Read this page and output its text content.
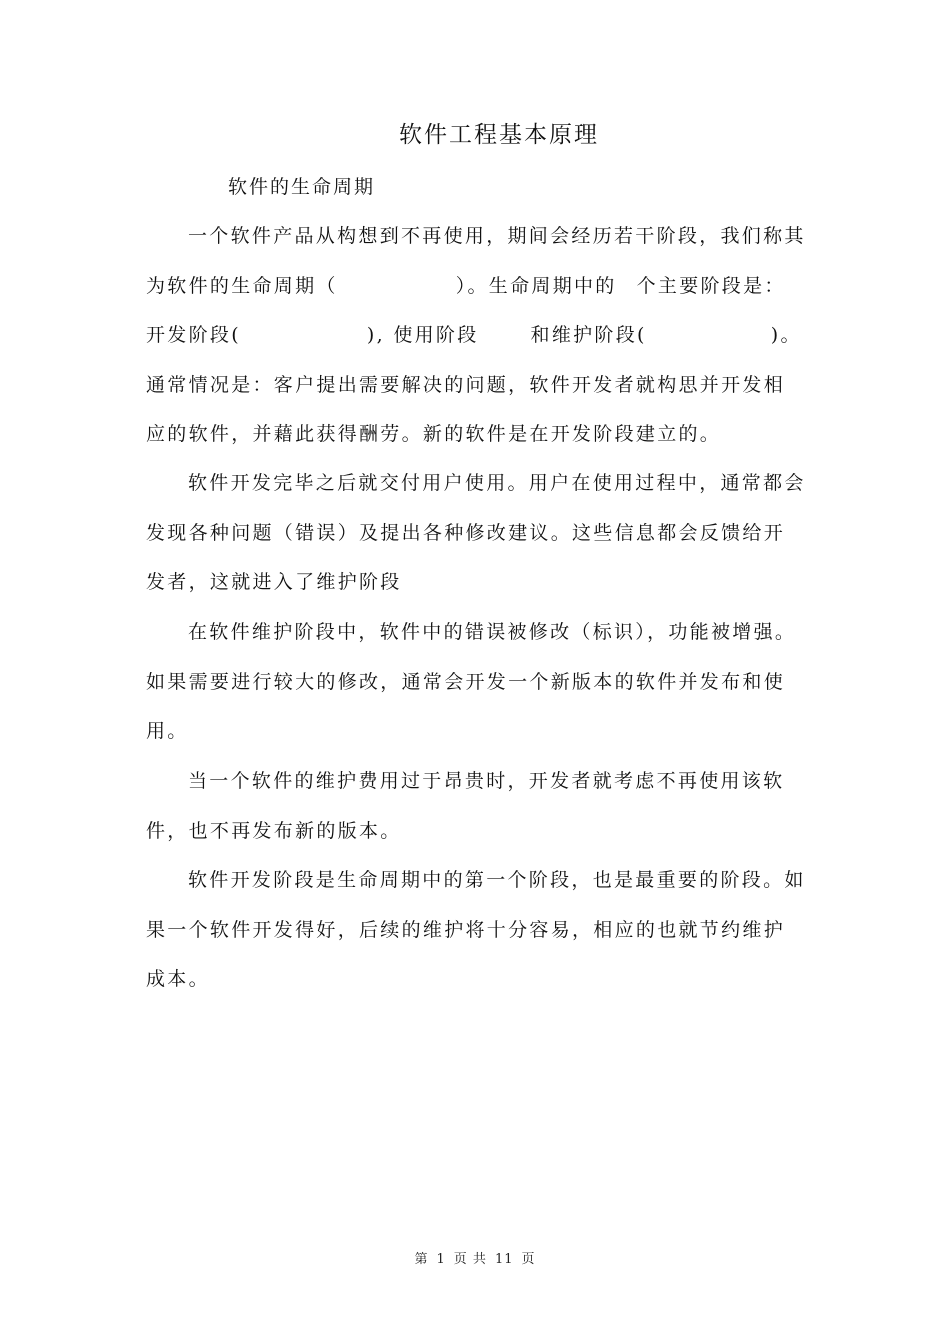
软件工程基本原理
软件的生命周期

一个软件产品从构想到不再使用，期间会经历若干阶段，我们称其为软件的生命周期（	）。生命周期中的 个主要阶段是：开发阶段(	), 使用阶段	和维护阶段(	)。通常情况是：客户提出需要解决的问题，软件开发者就构思并开发相应的软件，并藉此获得酬劳。新的软件是在开发阶段建立的。

软件开发完毕之后就交付用户使用。用户在使用过程中，通常都会发现各种问题（错误）及提出各种修改建议。这些信息都会反馈给开发者，这就进入了维护阶段

在软件维护阶段中，软件中的错误被修改（标识），功能被增强。如果需要进行较大的修改，通常会开发一个新版本的软件并发布和使用。

当一个软件的维护费用过于昂贵时，开发者就考虑不再使用该软件，也不再发布新的版本。

软件开发阶段是生命周期中的第一个阶段，也是最重要的阶段。如果一个软件开发得好，后续的维护将十分容易，相应的也就节约维护成本。

第 1 页 共 11 页
